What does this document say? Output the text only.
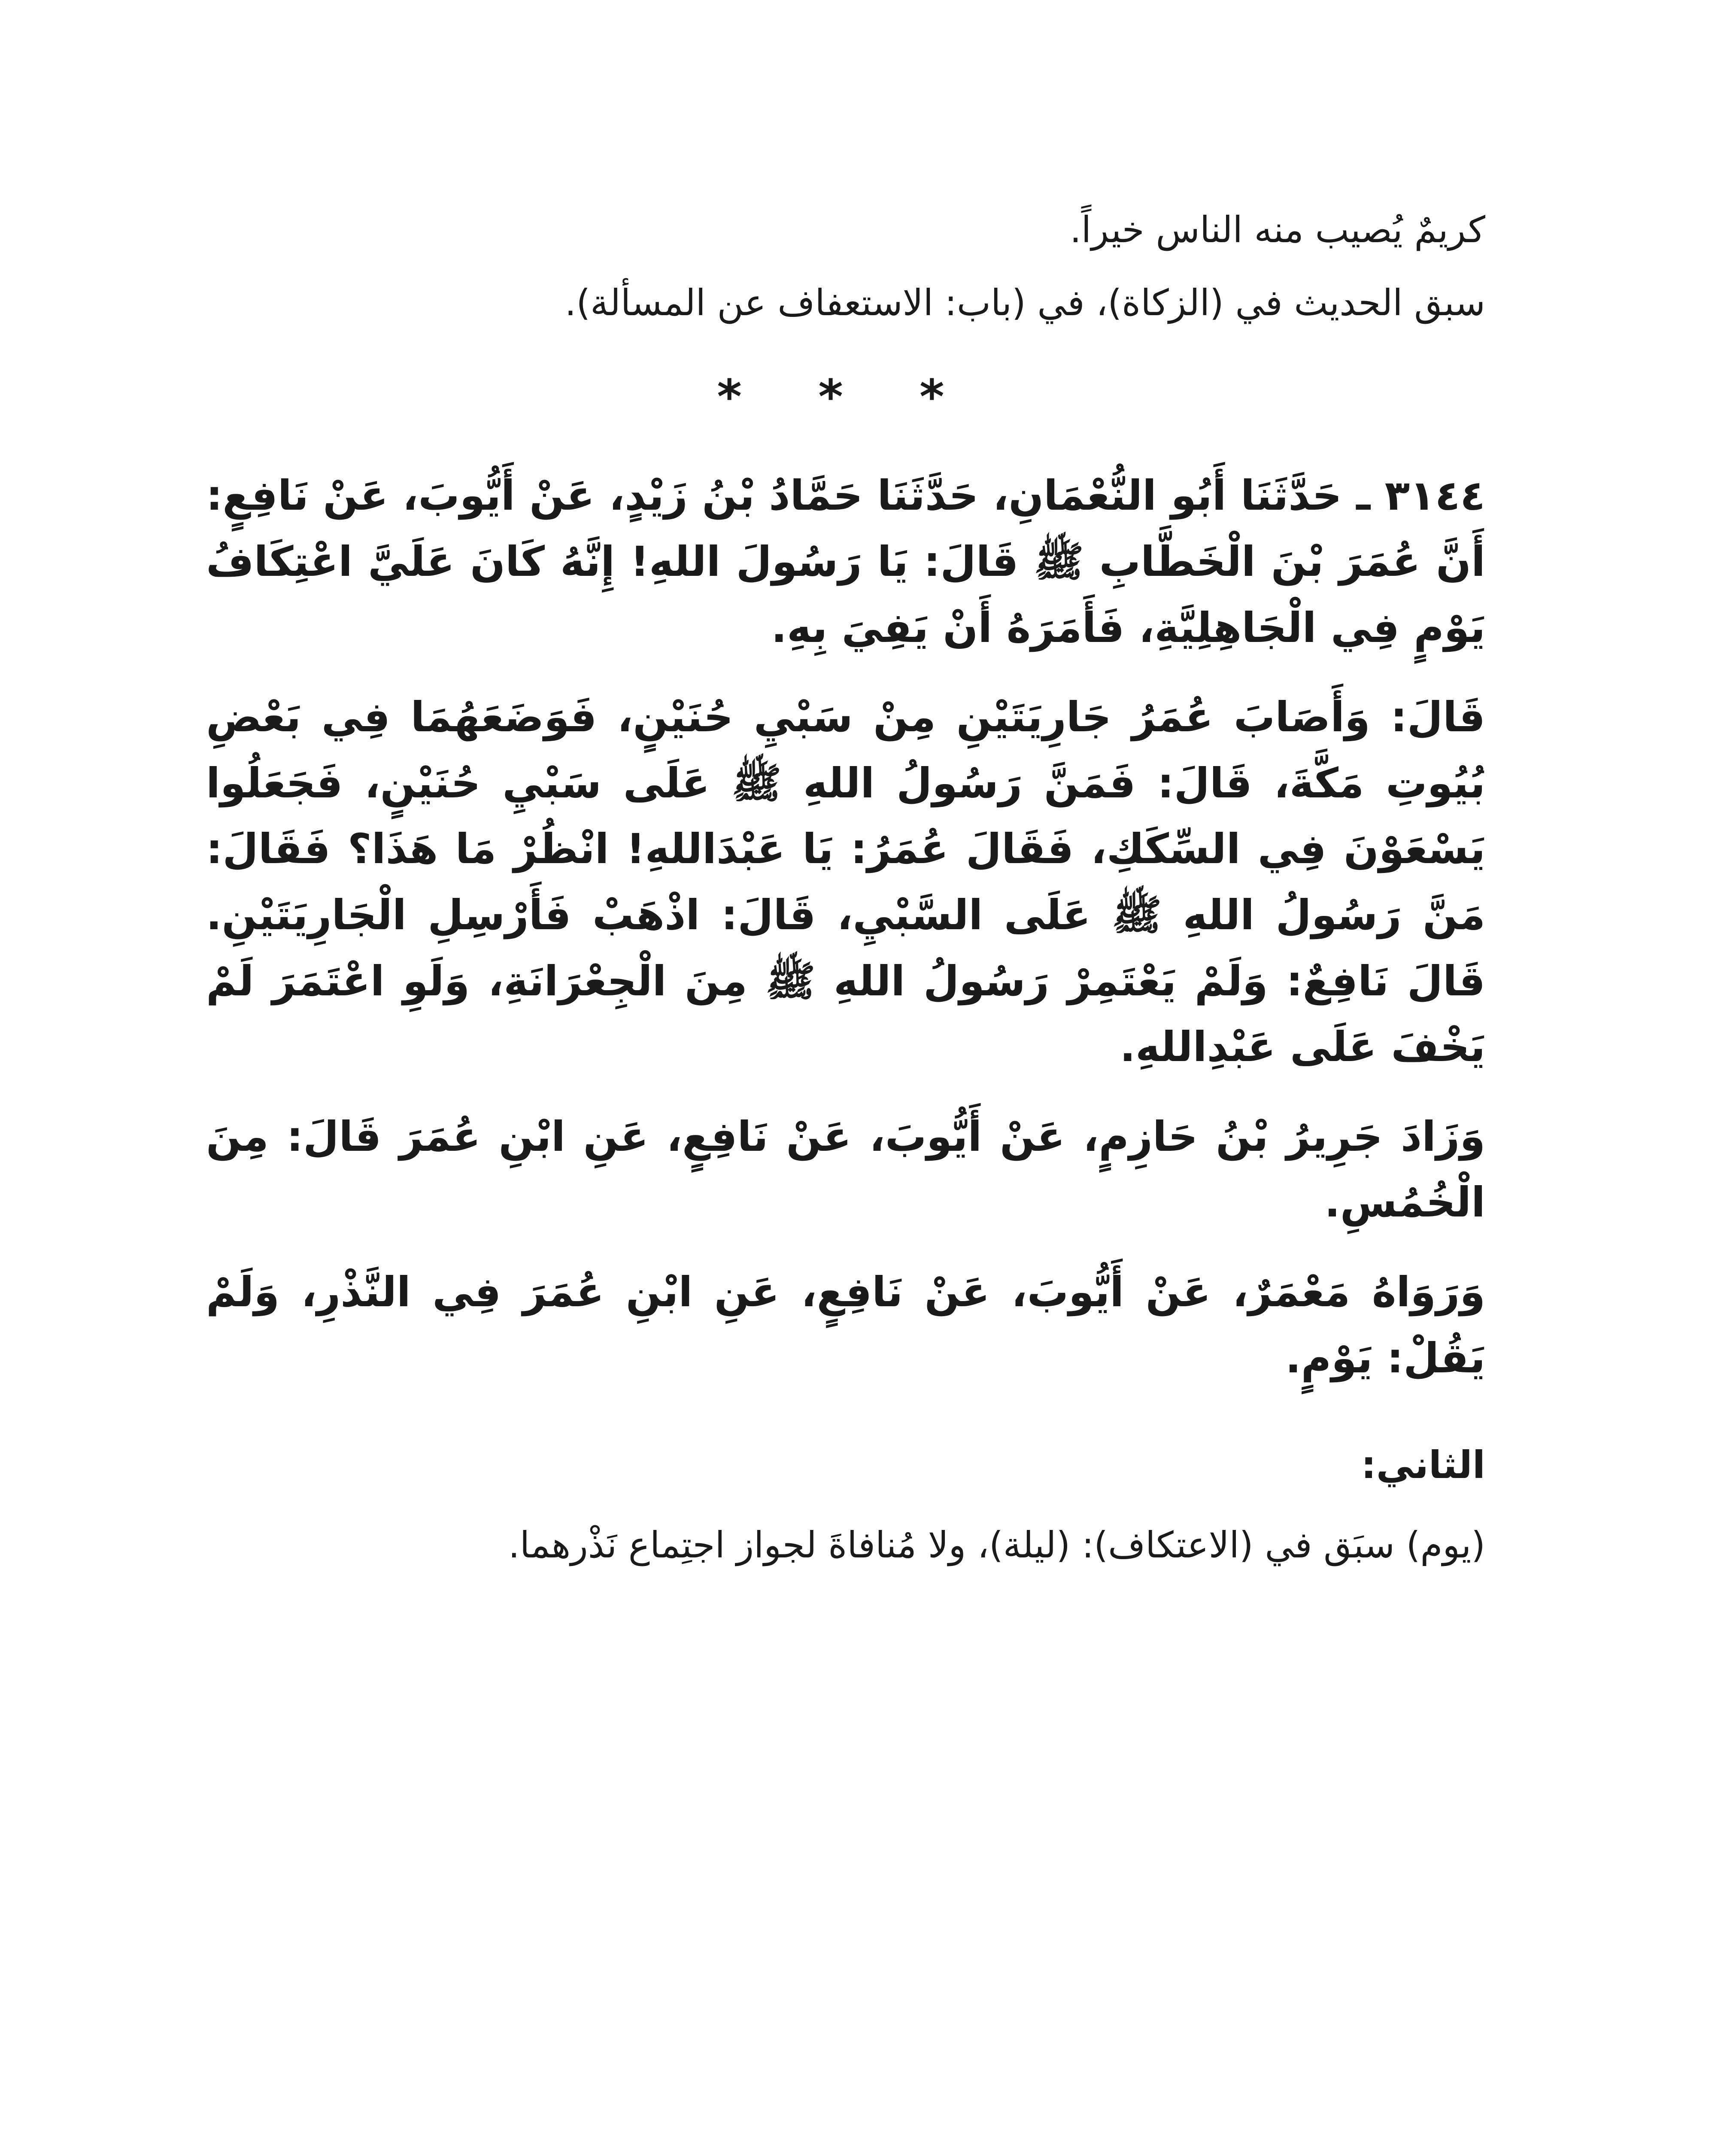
كريمٌ يُصيب منه الناس خيراً.

سبق الحديث في (الزكاة)، في (باب: الاستعفاف عن المسألة).

* * *

٣١٤٤ ـ حَدَّثَنَا أَبُو النُّعْمَانِ، حَدَّثَنَا حَمَّادُ بْنُ زَيْدٍ، عَنْ أَيُّوبَ، عَنْ نَافِعٍ: أَنَّ عُمَرَ بْنَ الْخَطَّابِ ﷺ قَالَ: يَا رَسُولَ اللهِ! إِنَّهُ كَانَ عَلَيَّ اعْتِكَافُ يَوْمٍ فِي الْجَاهِلِيَّةِ، فَأَمَرَهُ أَنْ يَفِيَ بِهِ.

قَالَ: وَأَصَابَ عُمَرُ جَارِيَتَيْنِ مِنْ سَبْيِ حُنَيْنٍ، فَوَضَعَهُمَا فِي بَعْضِ بُيُوتِ مَكَّةَ، قَالَ: فَمَنَّ رَسُولُ اللهِ ﷺ عَلَى سَبْيِ حُنَيْنٍ، فَجَعَلُوا يَسْعَوْنَ فِي السِّكَكِ، فَقَالَ عُمَرُ: يَا عَبْدَاللهِ! انْظُرْ مَا هَذَا؟ فَقَالَ: مَنَّ رَسُولُ اللهِ ﷺ عَلَى السَّبْيِ، قَالَ: اذْهَبْ فَأَرْسِلِ الْجَارِيَتَيْنِ. قَالَ نَافِعٌ: وَلَمْ يَعْتَمِرْ رَسُولُ اللهِ ﷺ مِنَ الْجِعْرَانَةِ، وَلَوِ اعْتَمَرَ لَمْ يَخْفَ عَلَى عَبْدِاللهِ.

وَزَادَ جَرِيرُ بْنُ حَازِمٍ، عَنْ أَيُّوبَ، عَنْ نَافِعٍ، عَنِ ابْنِ عُمَرَ قَالَ: مِنَ الْخُمُسِ.

وَرَوَاهُ مَعْمَرٌ، عَنْ أَيُّوبَ، عَنْ نَافِعٍ، عَنِ ابْنِ عُمَرَ فِي النَّذْرِ، وَلَمْ يَقُلْ: يَوْمٍ.

الثاني:

(يوم) سبَق في (الاعتكاف): (ليلة)، ولا مُنافاةَ لجواز اجتِماع نَذْرهما.
